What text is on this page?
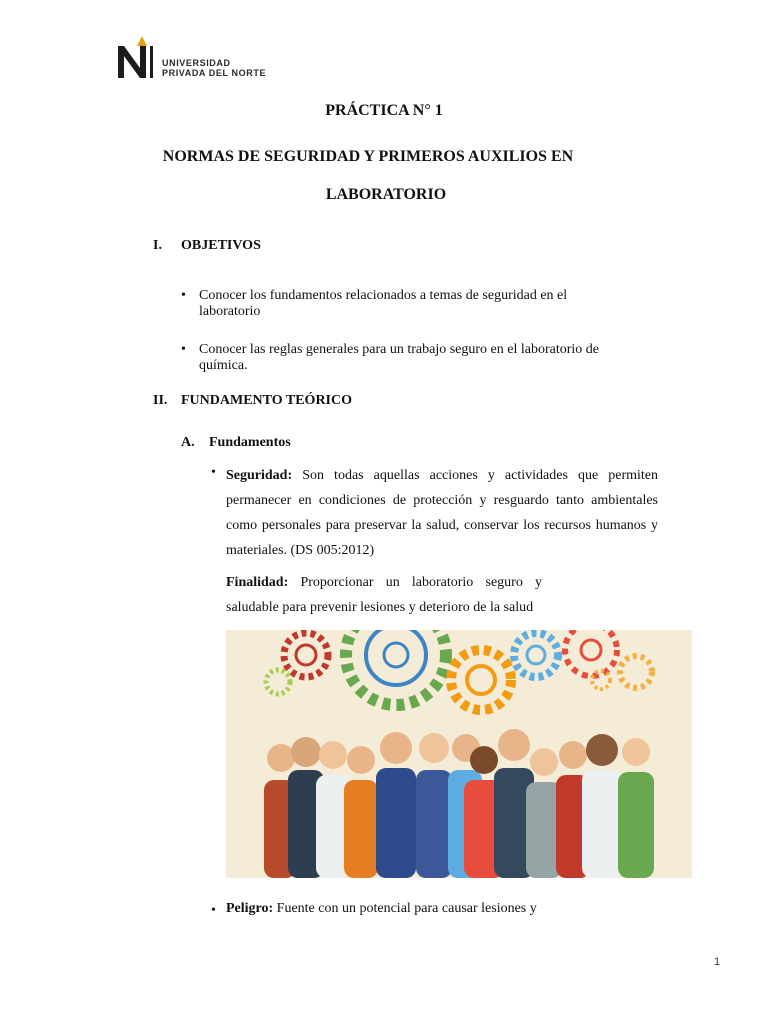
UNIVERSIDAD
PRIVADA DEL NORTE
PRÁCTICA N° 1
NORMAS DE SEGURIDAD Y PRIMEROS AUXILIOS EN
LABORATORIO
I. OBJETIVOS
• Conocer los fundamentos relacionados a temas de seguridad en el laboratorio
• Conocer las reglas generales para un trabajo seguro en el laboratorio de química.
II. FUNDAMENTO TEÓRICO
A. Fundamentos
• Seguridad: Son todas aquellas acciones y actividades que permiten permanecer en condiciones de protección y resguardo tanto ambientales como personales para preservar la salud, conservar los recursos humanos y materiales. (DS 005:2012)
Finalidad: Proporcionar un laboratorio seguro y
saludable para prevenir lesiones y deterioro de la salud
• Peligro: Fuente con un potencial para causar lesiones y
1
